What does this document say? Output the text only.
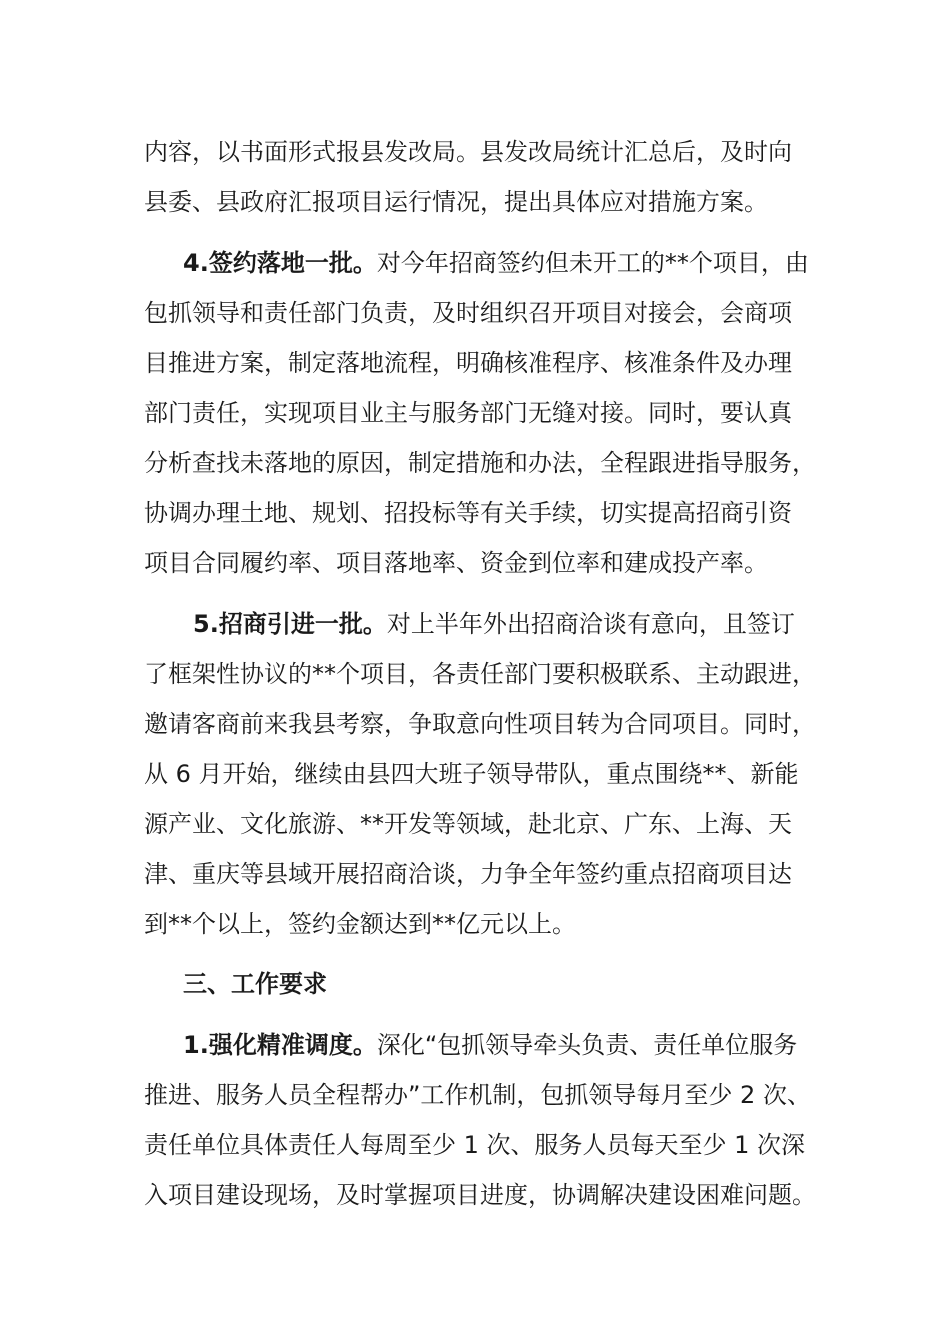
内容，以书面形式报县发改局。县发改局统计汇总后，及时向
县委、县政府汇报项目运行情况，提出具体应对措施方案。
4.签约落地一批。对今年招商签约但未开工的**个项目，由
包抓领导和责任部门负责，及时组织召开项目对接会，会商项
目推进方案，制定落地流程，明确核准程序、核准条件及办理
部门责任，实现项目业主与服务部门无缝对接。同时，要认真
分析查找未落地的原因，制定措施和办法，全程跟进指导服务，
协调办理土地、规划、招投标等有关手续，切实提高招商引资
项目合同履约率、项目落地率、资金到位率和建成投产率。
5.招商引进一批。对上半年外出招商洽谈有意向，且签订
了框架性协议的**个项目，各责任部门要积极联系、主动跟进，
邀请客商前来我县考察，争取意向性项目转为合同项目。同时，
从 6 月开始，继续由县四大班子领导带队，重点围绕**、新能
源产业、文化旅游、**开发等领域，赴北京、广东、上海、天
津、重庆等县域开展招商洽谈，力争全年签约重点招商项目达
到**个以上，签约金额达到**亿元以上。
三、工作要求
1.强化精准调度。深化“包抓领导牵头负责、责任单位服务
推进、服务人员全程帮办”工作机制，包抓领导每月至少 2 次、
责任单位具体责任人每周至少 1 次、服务人员每天至少 1 次深
入项目建设现场，及时掌握项目进度，协调解决建设困难问题。
